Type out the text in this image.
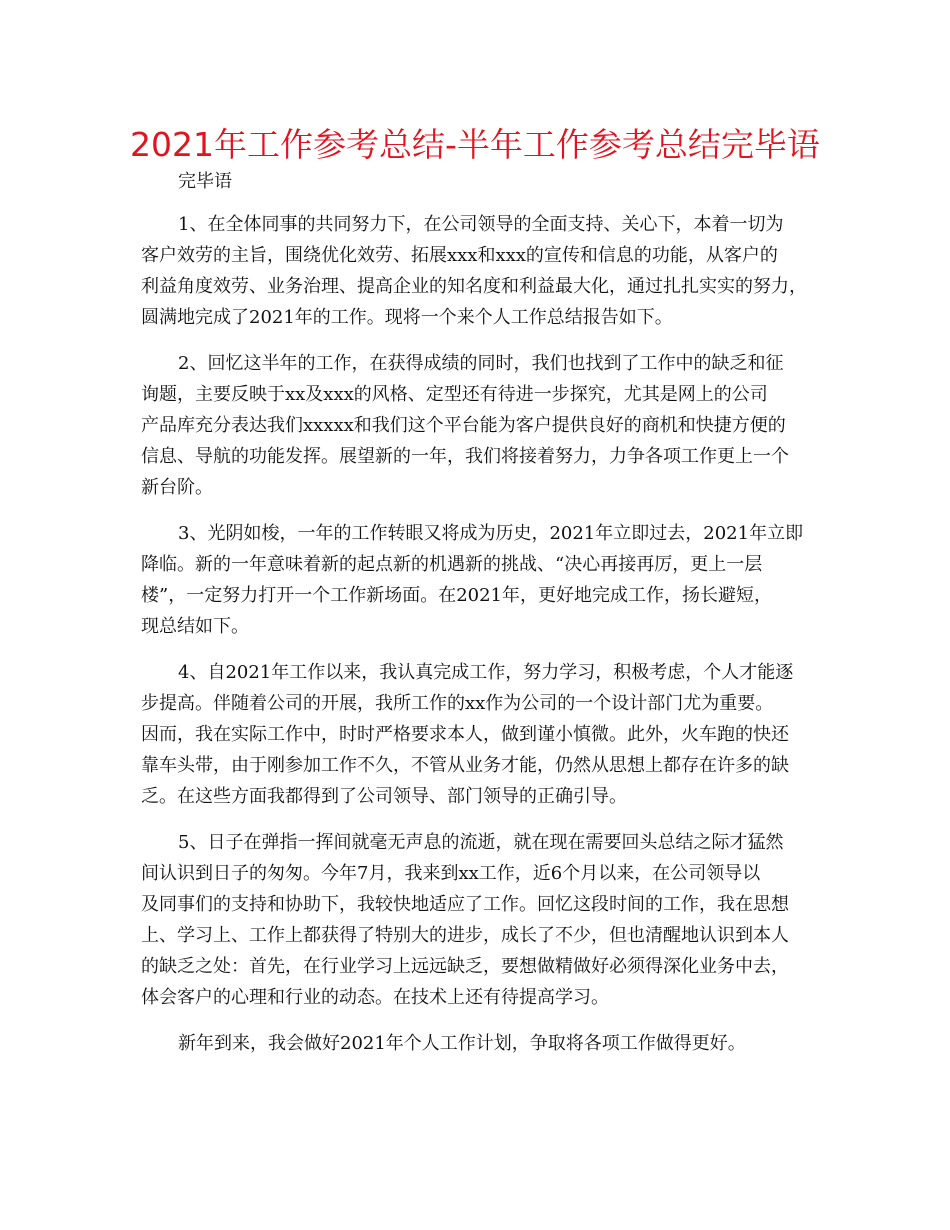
2021年工作参考总结-半年工作参考总结完毕语
完毕语
1、在全体同事的共同努力下，在公司领导的全面支持、关心下，本着一切为
客户效劳的主旨，围绕优化效劳、拓展xxx和xxx的宣传和信息的功能，从客户的
利益角度效劳、业务治理、提高企业的知名度和利益最大化，通过扎扎实实的努力，
圆满地完成了2021年的工作。现将一个来个人工作总结报告如下。
2、回忆这半年的工作，在获得成绩的同时，我们也找到了工作中的缺乏和征
询题，主要反映于xx及xxx的风格、定型还有待进一步探究，尤其是网上的公司
产品库充分表达我们xxxxx和我们这个平台能为客户提供良好的商机和快捷方便的
信息、导航的功能发挥。展望新的一年，我们将接着努力，力争各项工作更上一个
新台阶。
3、光阴如梭，一年的工作转眼又将成为历史，2021年立即过去，2021年立即
降临。新的一年意味着新的起点新的机遇新的挑战、“决心再接再厉，更上一层
楼”，一定努力打开一个工作新场面。在2021年，更好地完成工作，扬长避短，
现总结如下。
4、自2021年工作以来，我认真完成工作，努力学习，积极考虑，个人才能逐
步提高。伴随着公司的开展，我所工作的xx作为公司的一个设计部门尤为重要。
因而，我在实际工作中，时时严格要求本人，做到谨小慎微。此外，火车跑的快还
靠车头带，由于刚参加工作不久，不管从业务才能，仍然从思想上都存在许多的缺
乏。在这些方面我都得到了公司领导、部门领导的正确引导。
5、日子在弹指一挥间就毫无声息的流逝，就在现在需要回头总结之际才猛然
间认识到日子的匆匆。今年7月，我来到xx工作，近6个月以来，在公司领导以
及同事们的支持和协助下，我较快地适应了工作。回忆这段时间的工作，我在思想
上、学习上、工作上都获得了特别大的进步，成长了不少，但也清醒地认识到本人
的缺乏之处：首先，在行业学习上远远缺乏，要想做精做好必须得深化业务中去，
体会客户的心理和行业的动态。在技术上还有待提高学习。
新年到来，我会做好2021年个人工作计划，争取将各项工作做得更好。
